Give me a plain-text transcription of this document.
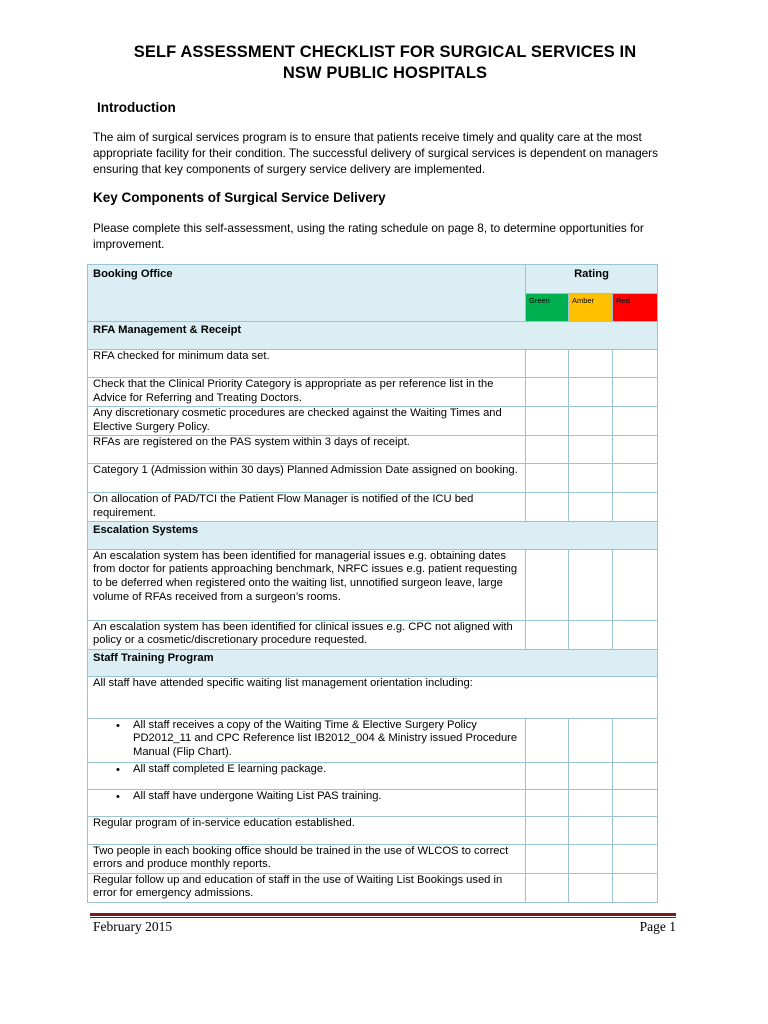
SELF ASSESSMENT CHECKLIST FOR SURGICAL SERVICES IN
NSW PUBLIC HOSPITALS
Introduction
The aim of surgical services program is to ensure that patients receive timely and quality care at the most appropriate facility for their condition. The successful delivery of surgical services is dependent on managers ensuring that key components of surgery service delivery are implemented.
Key Components of Surgical Service Delivery
Please complete this self-assessment, using the rating schedule on page 8, to determine opportunities for improvement.
Booking Office	Rating		
	Green	Amber	Red
RFA Management & Receipt			
RFA checked for minimum data set.			
Check that the Clinical Priority Category is appropriate as per reference list in the Advice for Referring and Treating Doctors.			
Any discretionary cosmetic procedures are checked against the Waiting Times and Elective Surgery Policy.			
RFAs are registered on the PAS system within 3 days of receipt.			
Category 1 (Admission within 30 days) Planned Admission Date assigned on booking.			
On allocation of PAD/TCI the Patient Flow Manager is notified of the ICU bed requirement.			
Escalation Systems			
An escalation system has been identified for managerial issues e.g. obtaining dates from doctor for patients approaching benchmark, NRFC issues e.g. patient requesting to be deferred when registered onto the waiting list, unnotified surgeon leave, large volume of RFAs received from a surgeon’s rooms.			
An escalation system has been identified for clinical issues e.g. CPC not aligned with policy or a cosmetic/discretionary procedure requested.			
Staff Training Program			
All staff have attended specific waiting list management orientation including:			

• All staff receives a copy of the Waiting Time & Elective Surgery Policy PD2012_11 and CPC Reference list IB2012_004 & Ministry issued Procedure Manual (Flip Chart).			

• All staff completed E learning package.			

• All staff have undergone Waiting List PAS training.			
Regular program of in-service education established.			
Two people in each booking office should be trained in the use of WLCOS to correct errors and produce monthly reports.			
Regular follow up and education of staff in the use of Waiting List Bookings used in error for emergency admissions.			
February 2015	Page 1
